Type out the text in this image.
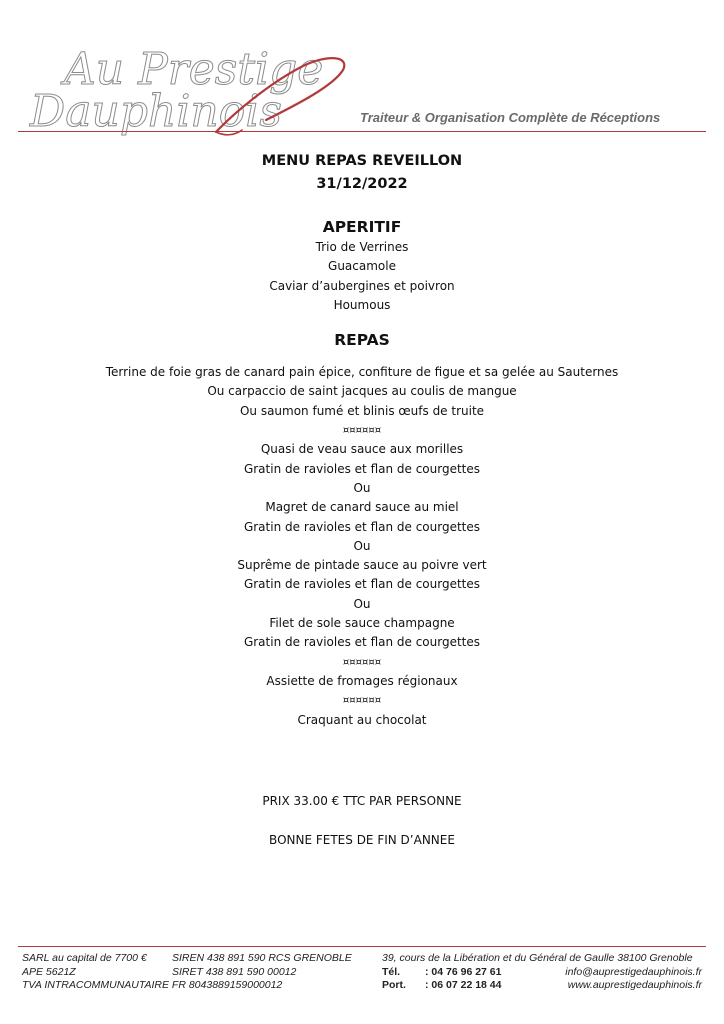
Au Prestige
Dauphinois	Traiteur & Organisation Complète de Réceptions
MENU REPAS REVEILLON
31/12/2022
APERITIF
Trio de Verrines
Guacamole
Caviar d’aubergines et poivron
Houmous
REPAS
Terrine de foie gras de canard pain épice, confiture de figue et sa gelée au Sauternes
Ou carpaccio de saint jacques au coulis de mangue
Ou saumon fumé et blinis œufs de truite
¤¤¤¤¤¤
Quasi de veau sauce aux morilles
Gratin de ravioles et flan de courgettes
Ou
Magret de canard sauce au miel
Gratin de ravioles et flan de courgettes
Ou
Suprême de pintade sauce au poivre vert
Gratin de ravioles et flan de courgettes
Ou
Filet de sole sauce champagne
Gratin de ravioles et flan de courgettes
¤¤¤¤¤¤
Assiette de fromages régionaux
¤¤¤¤¤¤
Craquant au chocolat
PRIX 33.00 € TTC PAR PERSONNE
BONNE FETES DE FIN D’ANNEE
SARL au capital de 7700 €
APE 5621Z
TVA INTRACOMMUNAUTAIRE FR 8043889159000012
SIREN 438 891 590 RCS GRENOBLE
SIRET 438 891 590 00012
39, cours de la Libération et du Général de Gaulle 38100 Grenoble
Tél. : 04 76 96 27 61
Port. : 06 07 22 18 44
info@auprestigedauphinois.fr
www.auprestigedauphinois.fr
